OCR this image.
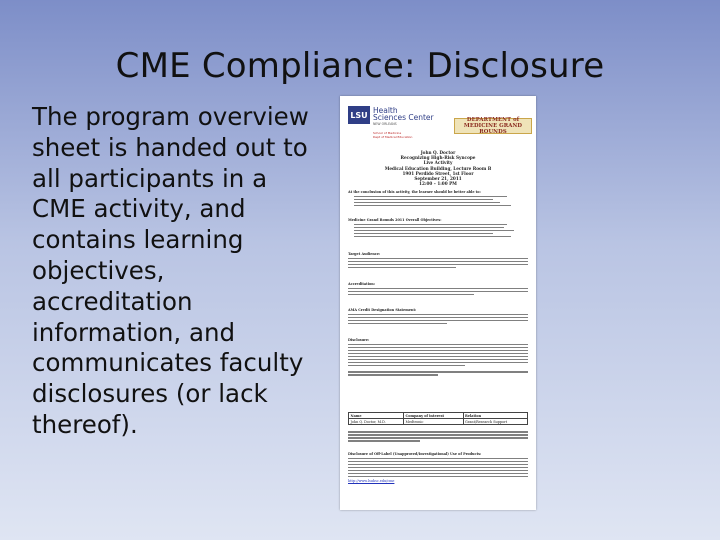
CME Compliance: Disclosure
The program overview sheet is handed out to all participants in a CME activity, and contains learning objectives, accreditation information, and communicates faculty disclosures (or lack thereof).
LSU Health
Sciences Center
NEW ORLEANS
School of Medicine
Dept of Medical Education
DEPARTMENT of MEDICINE GRAND ROUNDS
John Q. Doctor
Recognizing High-Risk Syncope
Live Activity
Medical Education Building, Lecture Room B
1901 Perdido Street, 1st Floor
September 21, 2011
12:00 – 1:00 PM
At the conclusion of this activity, the learner should be better able to:
Medicine Grand Rounds 2011 Overall Objectives:
Target Audience:
Accreditation:
AMA Credit Designation Statement:
Disclosure:
Name	Company of interest	Relation
John Q. Doctor, M.D.	Medtronic	Grant/Research Support
Disclosure of Off-Label (Unapproved/Investigational) Use of Products:
http://www.lsuhsc.edu/cme
